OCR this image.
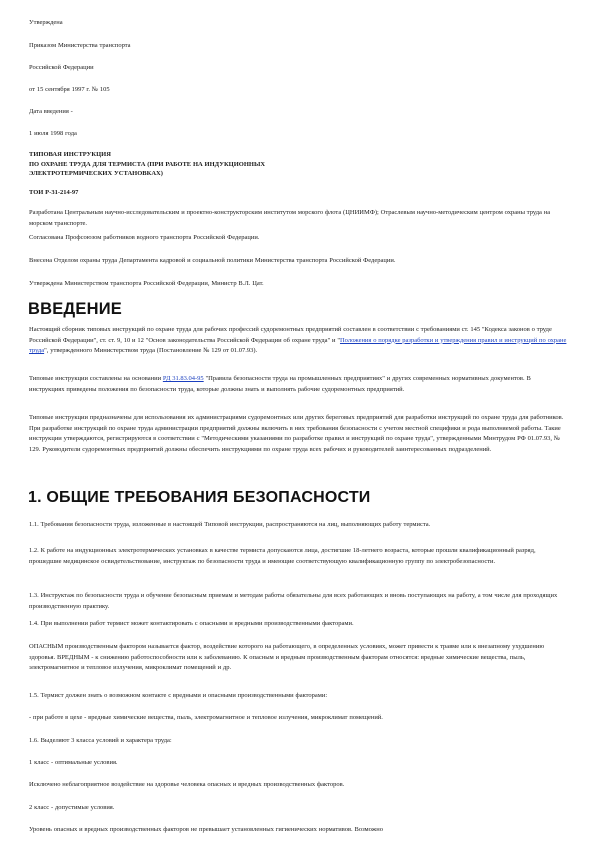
Утверждена

Приказом Министерства транспорта

Российской Федерации

от 15 сентября 1997 г. № 105

Дата введения -

1 июля 1998 года

ТИПОВАЯ ИНСТРУКЦИЯ
ПО ОХРАНЕ ТРУДА ДЛЯ ТЕРМИСТА (ПРИ РАБОТЕ НА ИНДУКЦИОННЫХ
ЭЛЕКТРОТЕРМИЧЕСКИХ УСТАНОВКАХ)

ТОИ Р-31-214-97

Разработана Центральным научно-исследовательским и проектно-конструкторским институтом морского флота (ЦНИИМФ); Отраслевым научно-методическим центром охраны труда на морском транспорте.

Согласована Профсоюзом работников водного транспорта Российской Федерации.

Внесена Отделом охраны труда Департамента кадровой и социальной политики Министерства транспорта Российской Федерации.

Утверждена Министерством транспорта Российской Федерации, Министр В.Л. Цат.

ВВЕДЕНИЕ

Настоящий сборник типовых инструкций по охране труда для рабочих профессий судоремонтных предприятий составлен в соответствии с требованиями ст. 145 "Кодекса законов о труде Российской Федерации", ст. ст. 9, 10 и 12 "Основ законодательства Российской Федерации об охране труда" и "Положения о порядке разработки и утверждения правил и инструкций по охране труда", утвержденного Министерством труда (Постановление № 129 от 01.07.93).

Типовые инструкции составлены на основании РД 31.83.04-95 "Правила безопасности труда на промышленных предприятиях" и других современных нормативных документов. В инструкциях приведены положения по безопасности труда, которые должны знать и выполнять рабочие судоремонтных предприятий.

Типовые инструкции предназначены для использования их администрациями судоремонтных или других береговых предприятий для разработки инструкций по охране труда для работников. При разработке инструкций по охране труда администрации предприятий должны включить в них требования безопасности с учетом местной специфики и рода выполняемой работы. Такие инструкции утверждаются, регистрируются в соответствии с "Методическими указаниями по разработке правил и инструкций по охране труда", утвержденными Минтрудом РФ 01.07.93, № 129. Руководители судоремонтных предприятий должны обеспечить инструкциями по охране труда всех рабочих и руководителей заинтересованных подразделений.

1. ОБЩИЕ ТРЕБОВАНИЯ БЕЗОПАСНОСТИ

1.1. Требования безопасности труда, изложенные в настоящей Типовой инструкции, распространяются на лиц, выполняющих работу термиста.

1.2. К работе на индукционных электротермических установках в качестве термиста допускаются лица, достигшие 18-летнего возраста, которые прошли квалификационный разряд, прошедшие медицинское освидетельствование, инструктаж по безопасности труда и имеющие соответствующую квалификационную группу по электробезопасности.

1.3. Инструктаж по безопасности труда и обучение безопасным приемам и методам работы обязательны для всех работающих и вновь поступающих на работу, а том числе для проходящих производственную практику.

1.4. При выполнении работ термист может контактировать с опасными и вредными производственными факторами.

ОПАСНЫМ производственным фактором называется фактор, воздействие которого на работающего, в определенных условиях, может привести к травме или к внезапному ухудшению здоровья. ВРЕДНЫМ - к снижению работоспособности или к заболеванию. К опасным и вредным производственным факторам относятся: вредные химические вещества, пыль, электромагнитное и тепловое излучения, микроклимат помещений и др.

1.5. Термист должен знать о возможном контакте с вредными и опасными производственными факторами:

- при работе в цехе - вредные химические вещества, пыль, электромагнитное и тепловое излучения, микроклимат помещений.

1.6. Выделяют 3 класса условий и характера труда:

1 класс - оптимальные условия.

Исключено неблагоприятное воздействие на здоровье человека опасных и вредных производственных факторов.

2 класс - допустимые условия.

Уровень опасных и вредных производственных факторов не превышает установленных гигиенических нормативов. Возможно
